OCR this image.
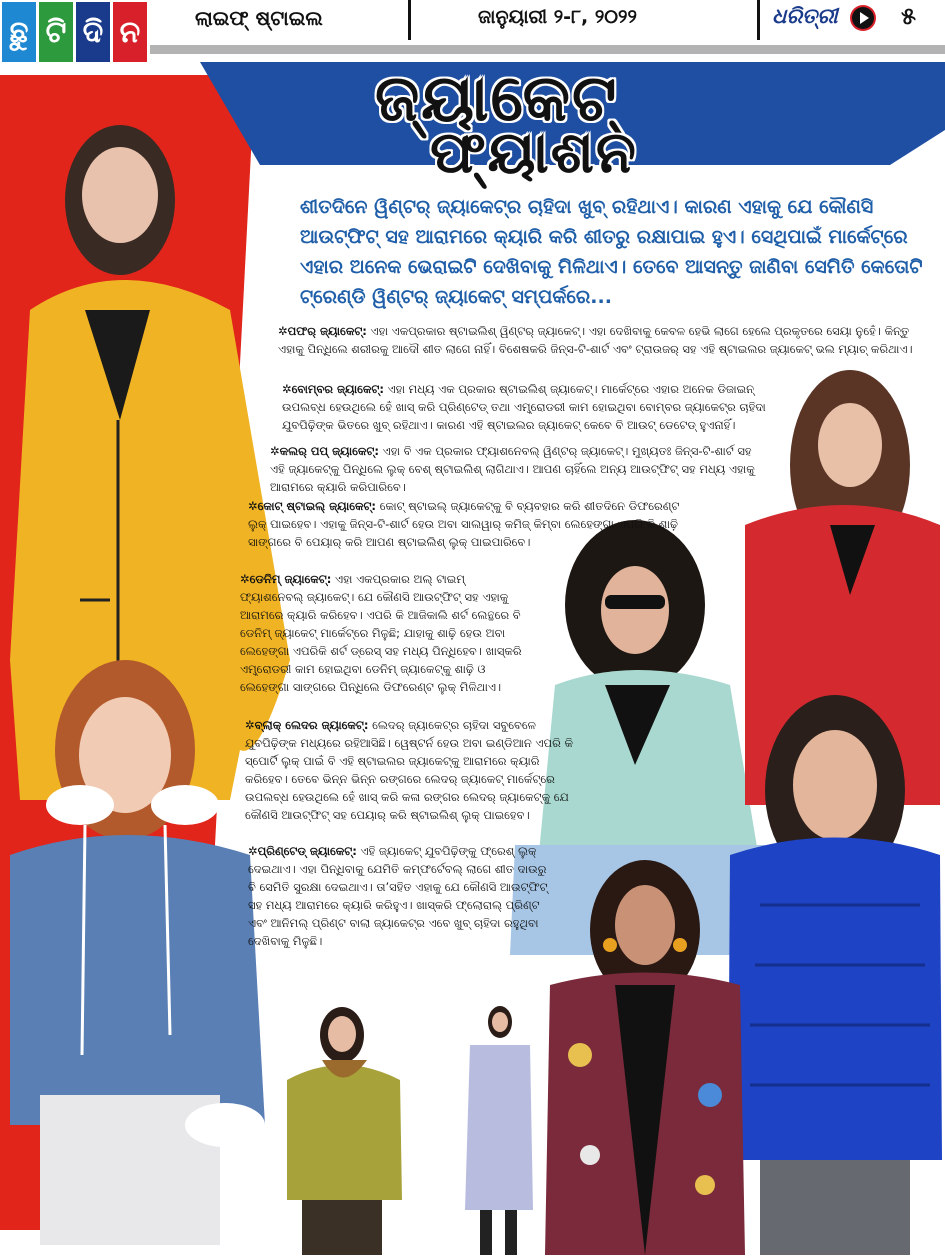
ଛୁ ଟି ଦି ନ	ଲାଇଫ୍ ଷ୍ଟାଇଲ	ଜାନୁୟାରୀ ୨-୮, ୨୦୨୨	ଧରିତ୍ରୀ	୫
ଜ୍ୟାକେଟ୍
ଫ୍ୟାଶନ
ଶୀତଦିନେ ୱିଣ୍ଟର୍ ଜ୍ୟାକେଟ୍‌ର ଚାହିଦା ଖୁବ୍ ରହିଥାଏ। କାରଣ ଏହାକୁ ଯେ କୌଣସି ଆଉଟ୍‌ଫିଟ୍ ସହ ଆରାମରେ କ୍ୟାରି କରି ଶୀତରୁ ରକ୍ଷାପାଇ ହୁଏ। ସେଥିପାଇଁ ମାର୍କେଟ୍‌ରେ ଏହାର ଅନେକ ଭେରାଇଟି ଦେଖିବାକୁ ମିଳିଥାଏ। ତେବେ ଆସନ୍ତୁ ଜାଣିବା ସେମିତି କେତୋଟି ଟ୍ରେଣ୍ଡି ୱିଣ୍ଟର୍ ଜ୍ୟାକେଟ୍ ସମ୍ପର୍କରେ...
✲ପଫର୍ ଜ୍ୟାକେଟ୍: ଏହା ଏକପ୍ରକାର ଷ୍ଟାଇଲିଶ୍ ୱିଣ୍ଟର୍ ଜ୍ୟାକେଟ୍। ଏହା ଦେଖିବାକୁ କେବଳ ହେଭି ଲାଗେ ହେଲେ ପ୍ରକୃତରେ ସେୟା ନୁହେଁ। କିନ୍ତୁ ଏହାକୁ ପିନ୍ଧିଲେ ଶରୀରକୁ ଆଦୌ ଶୀତ ଲାଗେ ନାହିଁ। ବିଶେଷକରି ଜିନ୍ସ-ଟି-ଶାର୍ଟ ଏବଂ ଟ୍ରାଉଜର୍ ସହ ଏହି ଷ୍ଟାଇଲର ଜ୍ୟାକେଟ୍ ଭଲ ମ୍ୟାଚ୍ କରିଥାଏ।
✲ବୋମ୍ବର ଜ୍ୟାକେଟ୍: ଏହା ମଧ୍ୟ ଏକ ପ୍ରକାର ଷ୍ଟାଇଲିଶ୍ ଜ୍ୟାକେଟ୍। ମାର୍କେଟ୍‌ରେ ଏହାର ଅନେକ ଡିଜାଇନ୍ ଉପଲବ୍ଧ ହେଉଥିଲେ ହେଁ ଖାସ୍ କରି ପ୍ରିଣ୍ଟେଡ୍ ତଥା ଏମ୍ବ୍ରୋଡରୀ କାମ ହୋଇଥିବା ବୋମ୍ବର ଜ୍ୟାକେଟ୍‌ର ଚାହିଦା ଯୁବପିଢ଼ିଙ୍କ ଭିତରେ ଖୁବ୍ ରହିଥାଏ। କାରଣ ଏହି ଷ୍ଟାଇଲର ଜ୍ୟାକେଟ୍ କେବେ ବି ଆଉଟ୍ ଡେଟେଡ୍ ହୁଏନାହିଁ।
✲କଲର୍ ପପ୍ ଜ୍ୟାକେଟ୍: ଏହା ବି ଏକ ପ୍ରକାର ଫ୍ୟାଶନେବଲ୍ ୱିଣ୍ଟର୍ ଜ୍ୟାକେଟ୍। ମୁଖ୍ୟତଃ ଜିନ୍ସ-ଟି-ଶାର୍ଟ ସହ ଏହି ଜ୍ୟାକେଟ୍‌କୁ ପିନ୍ଧିଲେ ଲୁକ୍ ବେଶ୍ ଷ୍ଟାଇଲିଶ୍ ଲାଗିଥାଏ। ଆପଣ ଚାହିଁଲେ ଅନ୍ୟ ଆଉଟ୍‌ଫିଟ୍ ସହ ମଧ୍ୟ ଏହାକୁ ଆରାମରେ କ୍ୟାରି କରିପାରିବେ।
✲କୋଟ୍ ଷ୍ଟାଇଲ୍ ଜ୍ୟାକେଟ୍: କୋଟ୍ ଷ୍ଟାଇଲ୍ ଜ୍ୟାକେଟ୍‌କୁ ବି ବ୍ୟବହାର କରି ଶୀତଦିନେ ଡିଫରେଣ୍ଟ ଲୁକ୍ ପାଇହେବ। ଏହାକୁ ଜିନ୍ସ-ଟି-ଶାର୍ଟ ହେଉ ଅବା ସାଲୱାର୍ କମିଜ୍ କିମ୍ବା ଲେହେଙ୍ଗା ଏପରି କି ଶାଢ଼ି ସାଙ୍ଗରେ ବି ପେୟାର୍ କରି ଆପଣ ଷ୍ଟାଇଲିଶ୍ ଲୁକ୍ ପାଇପାରିବେ।
✲ଡେନିମ୍ ଜ୍ୟାକେଟ୍: ଏହା ଏକପ୍ରକାର ଅଲ୍ ଟାଇମ୍ ଫ୍ୟାଶନେବଲ୍ ଜ୍ୟାକେଟ୍। ଯେ କୌଣସି ଆଉଟ୍‌ଫିଟ୍ ସହ ଏହାକୁ ଆରାମରେ କ୍ୟାରି କରିହେବ। ଏପରି କି ଆଜିକାଲି ଶର୍ଟ ଲେନ୍ଥରେ ବି ଡେନିମ୍ ଜ୍ୟାକେଟ୍ ମାର୍କେଟ୍‌ରେ ମିଳୁଛି; ଯାହାକୁ ଶାଢ଼ି ହେଉ ଅବା ଲେହେଙ୍ଗା ଏପରିକି ଶର୍ଟ ଡ୍ରେସ୍ ସହ ମଧ୍ୟ ପିନ୍ଧିହେବ। ଖାସ୍‌କରି ଏମ୍ବ୍ରୋଡରୀ କାମ ହୋଇଥିବା ଡେନିମ୍ ଜ୍ୟାକେଟ୍‌କୁ ଶାଢ଼ି ଓ ଲେହେଙ୍ଗା ସାଙ୍ଗରେ ପିନ୍ଧିଲେ ଡିଫରେଣ୍ଟ ଲୁକ୍ ମିଳିଥାଏ।
✲ବ୍ଲାକ୍ ଲେଦର ଜ୍ୟାକେଟ୍: ଲେଦର୍ ଜ୍ୟାକେଟ୍‌ର ଚାହିଦା ସବୁବେଳେ ଯୁବପିଢ଼ିଙ୍କ ମଧ୍ୟରେ ରହିଆସିଛି। ୱେଷ୍ଟର୍ନ ହେଉ ଅବା ଇଣ୍ଡିଆନ ଏପରି କି ସ୍ପୋର୍ଟି ଲୁକ୍ ପାଇଁ ବି ଏହି ଷ୍ଟାଇଲର ଜ୍ୟାକେଟ୍‌କୁ ଆରାମରେ କ୍ୟାରି କରିହେବ। ତେବେ ଭିନ୍ନ ଭିନ୍ନ ରଙ୍ଗରେ ଲେଦର୍ ଜ୍ୟାକେଟ୍ ମାର୍କେଟ୍‌ରେ ଉପଲବ୍ଧ ହେଉଥିଲେ ହେଁ ଖାସ୍ କରି କଳା ରଙ୍ଗର ଲେଦର୍ ଜ୍ୟାକେଟ୍‌କୁ ଯେ କୌଣସି ଆଉଟ୍‌ଫିଟ୍ ସହ ପେୟାର୍ କରି ଷ୍ଟାଇଲିଶ୍ ଲୁକ୍ ପାଇହେବ।
✲ପ୍ରିଣ୍ଟେଡ୍ ଜ୍ୟାକେଟ୍: ଏହି ଜ୍ୟାକେଟ୍ ଯୁବପିଢ଼ିଙ୍କୁ ଫ୍ରେଶ୍ ଲୁକ୍ ଦେଇଥାଏ। ଏହା ପିନ୍ଧିବାକୁ ଯେମିତି କମ୍ଫର୍ଟେବଲ୍ ଲାଗେ ଶୀତ ଦାଉରୁ ବି ସେମିତି ସୁରକ୍ଷା ଦେଇଥାଏ। ତା’ସହିତ ଏହାକୁ ଯେ କୌଣସି ଆଉଟ୍‌ଫିଟ୍ ସହ ମଧ୍ୟ ଆରାମରେ କ୍ୟାରି କରିହୁଏ। ଖାସ୍‌କରି ଫ୍ଲୋରାଲ୍ ପ୍ରିଣ୍ଟ ଏବଂ ଆନିମଲ୍ ପ୍ରିଣ୍ଟ ବାଲା ଜ୍ୟାକେଟ୍‌ର ଏବେ ଖୁବ୍ ଚାହିଦା ରହୁଥିବା ଦେଖିବାକୁ ମିଳୁଛି।
